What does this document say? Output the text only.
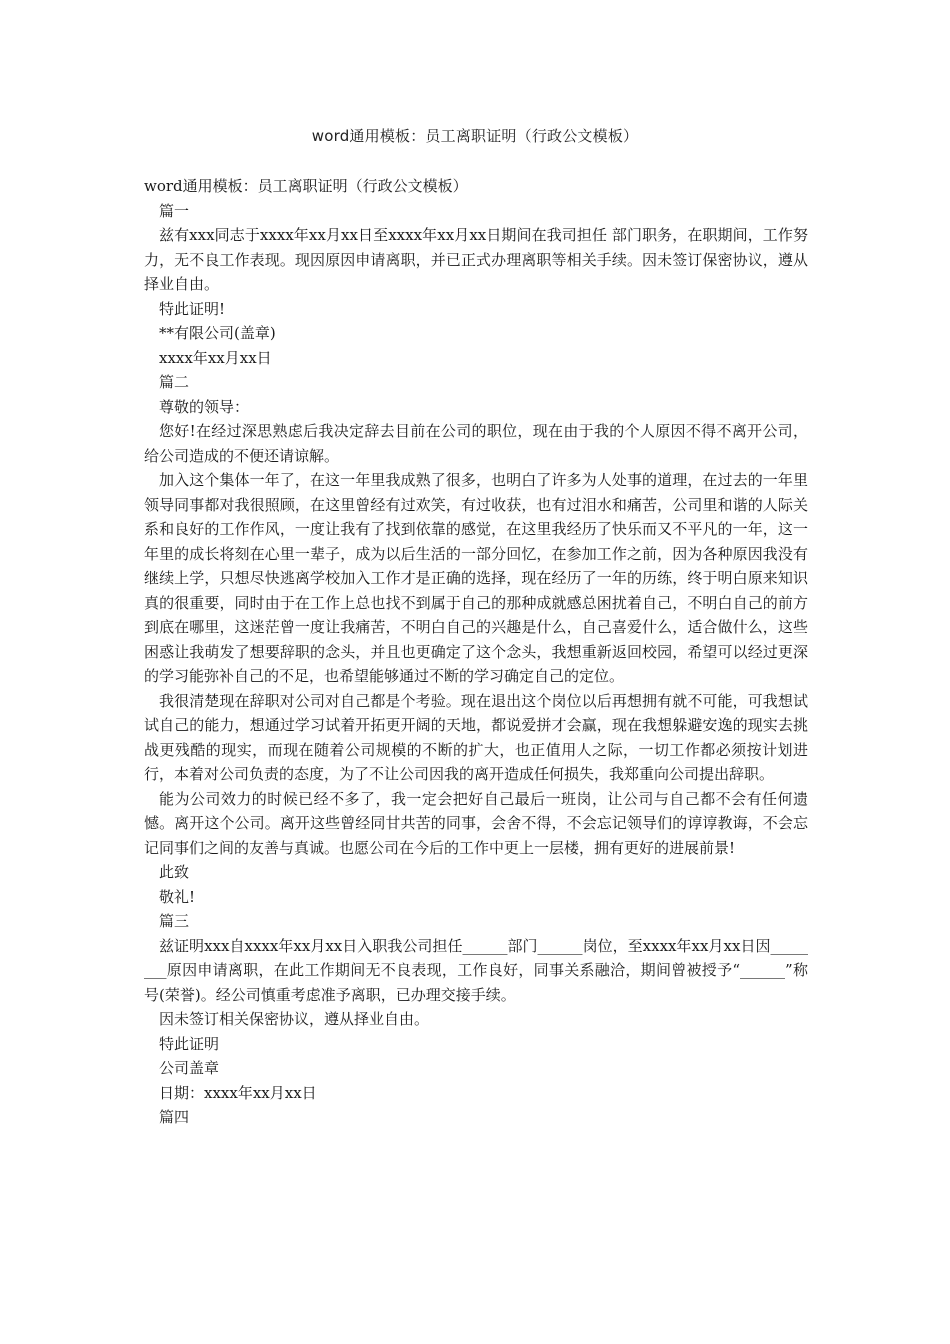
word通用模板：员工离职证明（行政公文模板）

word通用模板：员工离职证明（行政公文模板）

篇一

兹有xxx同志于xxxx年xx月xx日至xxxx年xx月xx日期间在我司担任 部门职务，在职期间，工作努力，无不良工作表现。现因原因申请离职，并已正式办理离职等相关手续。因未签订保密协议，遵从择业自由。

特此证明!

**有限公司(盖章)

xxxx年xx月xx日

篇二

尊敬的领导：

您好!在经过深思熟虑后我决定辞去目前在公司的职位，现在由于我的个人原因不得不离开公司，给公司造成的不便还请谅解。

加入这个集体一年了，在这一年里我成熟了很多，也明白了许多为人处事的道理，在过去的一年里领导同事都对我很照顾，在这里曾经有过欢笑，有过收获，也有过泪水和痛苦，公司里和谐的人际关系和良好的工作作风，一度让我有了找到依靠的感觉，在这里我经历了快乐而又不平凡的一年，这一年里的成长将刻在心里一辈子，成为以后生活的一部分回忆，在参加工作之前，因为各种原因我没有继续上学，只想尽快逃离学校加入工作才是正确的选择，现在经历了一年的历练，终于明白原来知识真的很重要，同时由于在工作上总也找不到属于自己的那种成就感总困扰着自己，不明白自己的前方到底在哪里，这迷茫曾一度让我痛苦，不明白自己的兴趣是什么，自己喜爱什么，适合做什么，这些困惑让我萌发了想要辞职的念头，并且也更确定了这个念头，我想重新返回校园，希望可以经过更深的学习能弥补自己的不足，也希望能够通过不断的学习确定自己的定位。

我很清楚现在辞职对公司对自己都是个考验。现在退出这个岗位以后再想拥有就不可能，可我想试试自己的能力，想通过学习试着开拓更开阔的天地，都说爱拼才会赢，现在我想躲避安逸的现实去挑战更残酷的现实，而现在随着公司规模的不断的扩大，也正值用人之际，一切工作都必须按计划进行，本着对公司负责的态度，为了不让公司因我的离开造成任何损失，我郑重向公司提出辞职。

能为公司效力的时候已经不多了，我一定会把好自己最后一班岗，让公司与自己都不会有任何遗憾。离开这个公司。离开这些曾经同甘共苦的同事，会舍不得，不会忘记领导们的谆谆教诲，不会忘记同事们之间的友善与真诚。也愿公司在今后的工作中更上一层楼，拥有更好的进展前景!

此致

敬礼!

篇三

兹证明xxx自xxxx年xx月xx日入职我公司担任______部门______岗位，至xxxx年xx月xx日因________原因申请离职，在此工作期间无不良表现，工作良好，同事关系融洽，期间曾被授予“______”称号(荣誉)。经公司慎重考虑准予离职，已办理交接手续。

因未签订相关保密协议，遵从择业自由。

特此证明

公司盖章

日期：xxxx年xx月xx日

篇四
